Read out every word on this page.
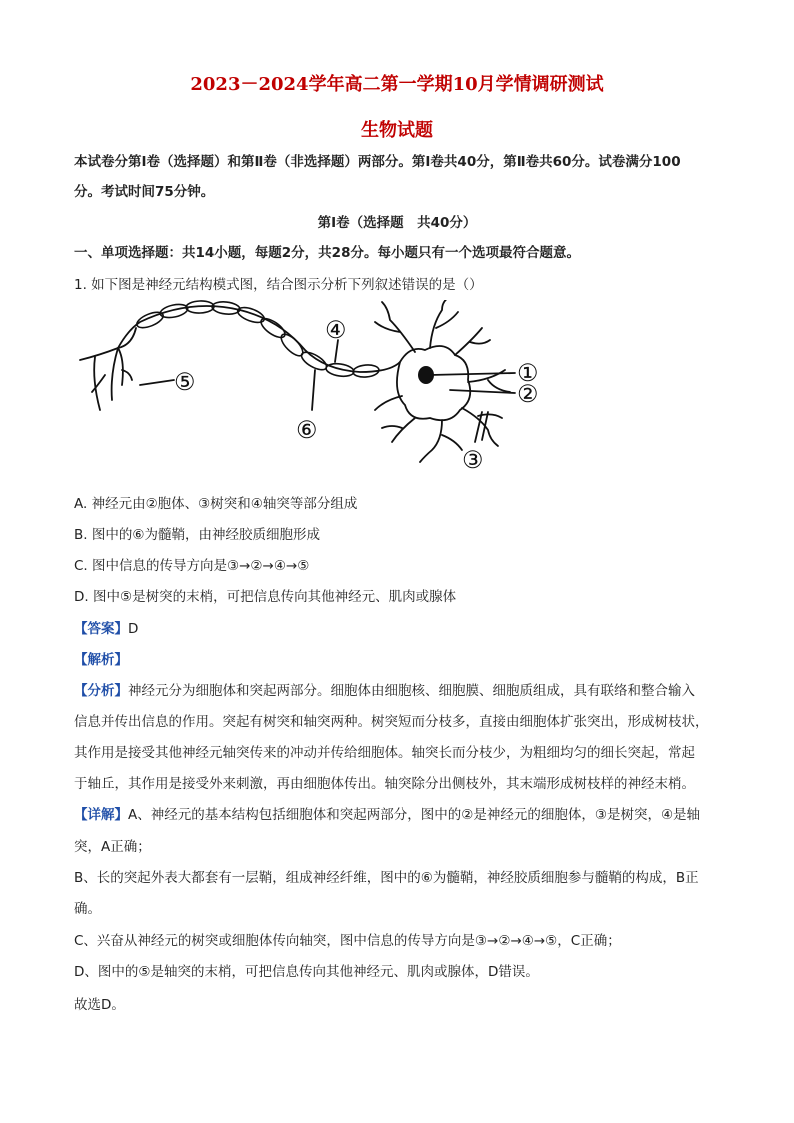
2023－2024学年高二第一学期10月学情调研测试
生物试题
本试卷分第Ⅰ卷（选择题）和第Ⅱ卷（非选择题）两部分。第Ⅰ卷共40分，第Ⅱ卷共60分。试卷满分100
分。考试时间75分钟。
第Ⅰ卷（选择题　共40分）
一、单项选择题：共14小题，每题2分，共28分。每小题只有一个选项最符合题意。
1. 如下图是神经元结构模式图，结合图示分析下列叙述错误的是（）
①
②
③
④
⑤
⑥
A. 神经元由②胞体、③树突和④轴突等部分组成
B. 图中的⑥为髓鞘，由神经胶质细胞形成
C. 图中信息的传导方向是③→②→④→⑤
D. 图中⑤是树突的末梢，可把信息传向其他神经元、肌肉或腺体
【答案】D
【解析】
【分析】神经元分为细胞体和突起两部分。细胞体由细胞核、细胞膜、细胞质组成，具有联络和整合输入
信息并传出信息的作用。突起有树突和轴突两种。树突短而分枝多，直接由细胞体扩张突出，形成树枝状，
其作用是接受其他神经元轴突传来的冲动并传给细胞体。轴突长而分枝少，为粗细均匀的细长突起，常起
于轴丘，其作用是接受外来刺激，再由细胞体传出。轴突除分出侧枝外，其末端形成树枝样的神经末梢。
【详解】A、神经元的基本结构包括细胞体和突起两部分，图中的②是神经元的细胞体，③是树突，④是轴
突，A正确；
B、长的突起外表大都套有一层鞘，组成神经纤维，图中的⑥为髓鞘，神经胶质细胞参与髓鞘的构成，B正
确。
C、兴奋从神经元的树突或细胞体传向轴突，图中信息的传导方向是③→②→④→⑤，C正确；
D、图中的⑤是轴突的末梢，可把信息传向其他神经元、肌肉或腺体，D错误。
故选D。
